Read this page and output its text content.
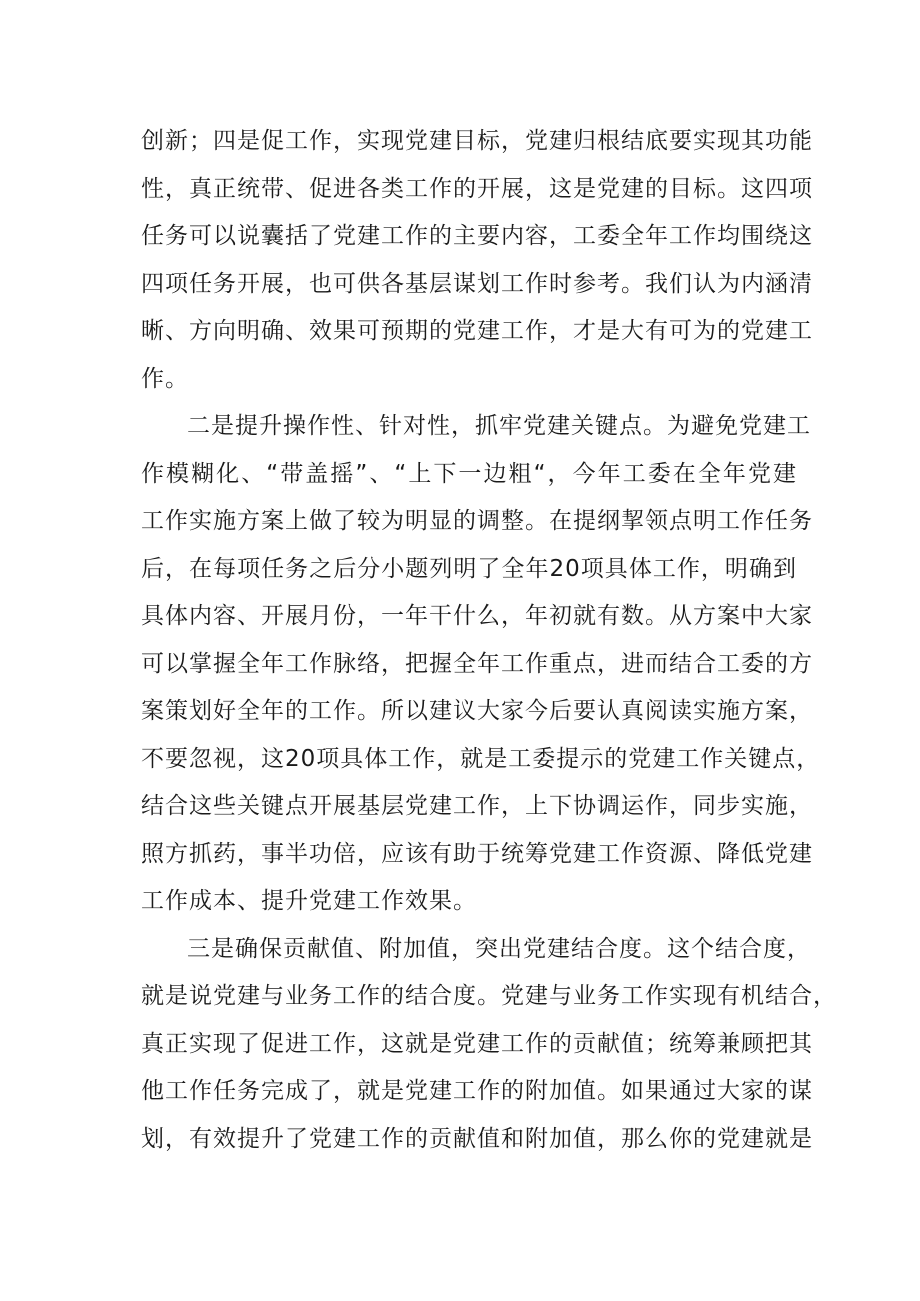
创新；四是促工作，实现党建目标，党建归根结底要实现其功能
性，真正统带、促进各类工作的开展，这是党建的目标。这四项
任务可以说囊括了党建工作的主要内容，工委全年工作均围绕这
四项任务开展，也可供各基层谋划工作时参考。我们认为内涵清
晰、方向明确、效果可预期的党建工作，才是大有可为的党建工
作。

二是提升操作性、针对性，抓牢党建关键点。为避免党建工
作模糊化、“带盖摇”、“上下一边粗“，今年工委在全年党建
工作实施方案上做了较为明显的调整。在提纲挈领点明工作任务
后，在每项任务之后分小题列明了全年20项具体工作，明确到
具体内容、开展月份，一年干什么，年初就有数。从方案中大家
可以掌握全年工作脉络，把握全年工作重点，进而结合工委的方
案策划好全年的工作。所以建议大家今后要认真阅读实施方案，
不要忽视，这20项具体工作，就是工委提示的党建工作关键点，
结合这些关键点开展基层党建工作，上下协调运作，同步实施，
照方抓药，事半功倍，应该有助于统筹党建工作资源、降低党建
工作成本、提升党建工作效果。

三是确保贡献值、附加值，突出党建结合度。这个结合度，
就是说党建与业务工作的结合度。党建与业务工作实现有机结合，
真正实现了促进工作，这就是党建工作的贡献值；统筹兼顾把其
他工作任务完成了，就是党建工作的附加值。如果通过大家的谋
划，有效提升了党建工作的贡献值和附加值，那么你的党建就是
